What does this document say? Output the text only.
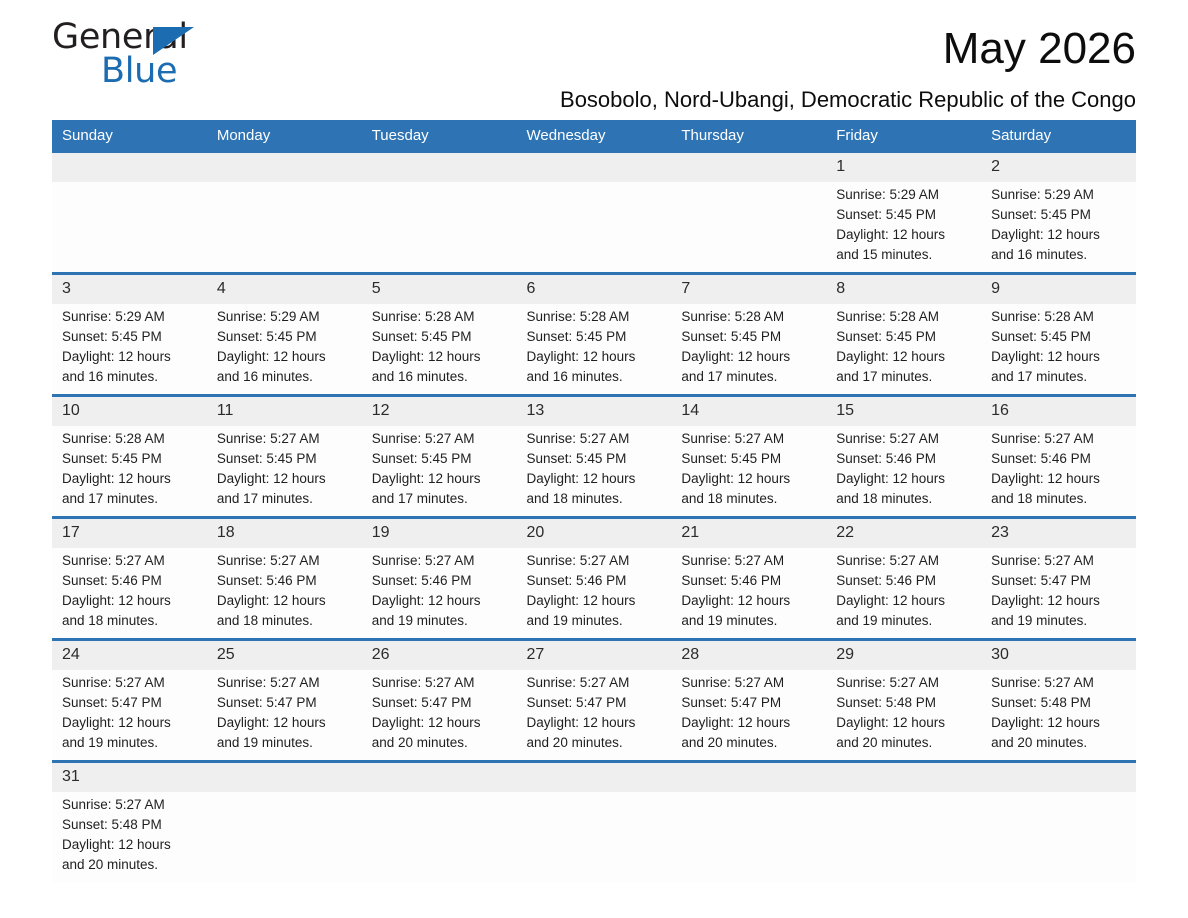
General
Blue	May 2026
Bosobolo, Nord-Ubangi, Democratic Republic of the Congo
Sunday	Monday	Tuesday	Wednesday	Thursday	Friday	Saturday
					1	2

					Sunrise: 5:29 AM
Sunset: 5:45 PM
Daylight: 12 hours
and 15 minutes.	Sunrise: 5:29 AM
Sunset: 5:45 PM
Daylight: 12 hours
and 16 minutes.

3	4	5	6	7	8	9

Sunrise: 5:29 AM
Sunset: 5:45 PM
Daylight: 12 hours
and 16 minutes.	Sunrise: 5:29 AM
Sunset: 5:45 PM
Daylight: 12 hours
and 16 minutes.	Sunrise: 5:28 AM
Sunset: 5:45 PM
Daylight: 12 hours
and 16 minutes.	Sunrise: 5:28 AM
Sunset: 5:45 PM
Daylight: 12 hours
and 16 minutes.	Sunrise: 5:28 AM
Sunset: 5:45 PM
Daylight: 12 hours
and 17 minutes.	Sunrise: 5:28 AM
Sunset: 5:45 PM
Daylight: 12 hours
and 17 minutes.	Sunrise: 5:28 AM
Sunset: 5:45 PM
Daylight: 12 hours
and 17 minutes.

10	11	12	13	14	15	16

Sunrise: 5:28 AM
Sunset: 5:45 PM
Daylight: 12 hours
and 17 minutes.	Sunrise: 5:27 AM
Sunset: 5:45 PM
Daylight: 12 hours
and 17 minutes.	Sunrise: 5:27 AM
Sunset: 5:45 PM
Daylight: 12 hours
and 17 minutes.	Sunrise: 5:27 AM
Sunset: 5:45 PM
Daylight: 12 hours
and 18 minutes.	Sunrise: 5:27 AM
Sunset: 5:45 PM
Daylight: 12 hours
and 18 minutes.	Sunrise: 5:27 AM
Sunset: 5:46 PM
Daylight: 12 hours
and 18 minutes.	Sunrise: 5:27 AM
Sunset: 5:46 PM
Daylight: 12 hours
and 18 minutes.

17	18	19	20	21	22	23

Sunrise: 5:27 AM
Sunset: 5:46 PM
Daylight: 12 hours
and 18 minutes.	Sunrise: 5:27 AM
Sunset: 5:46 PM
Daylight: 12 hours
and 18 minutes.	Sunrise: 5:27 AM
Sunset: 5:46 PM
Daylight: 12 hours
and 19 minutes.	Sunrise: 5:27 AM
Sunset: 5:46 PM
Daylight: 12 hours
and 19 minutes.	Sunrise: 5:27 AM
Sunset: 5:46 PM
Daylight: 12 hours
and 19 minutes.	Sunrise: 5:27 AM
Sunset: 5:46 PM
Daylight: 12 hours
and 19 minutes.	Sunrise: 5:27 AM
Sunset: 5:47 PM
Daylight: 12 hours
and 19 minutes.

24	25	26	27	28	29	30

Sunrise: 5:27 AM
Sunset: 5:47 PM
Daylight: 12 hours
and 19 minutes.	Sunrise: 5:27 AM
Sunset: 5:47 PM
Daylight: 12 hours
and 19 minutes.	Sunrise: 5:27 AM
Sunset: 5:47 PM
Daylight: 12 hours
and 20 minutes.	Sunrise: 5:27 AM
Sunset: 5:47 PM
Daylight: 12 hours
and 20 minutes.	Sunrise: 5:27 AM
Sunset: 5:47 PM
Daylight: 12 hours
and 20 minutes.	Sunrise: 5:27 AM
Sunset: 5:48 PM
Daylight: 12 hours
and 20 minutes.	Sunrise: 5:27 AM
Sunset: 5:48 PM
Daylight: 12 hours
and 20 minutes.

31						

Sunrise: 5:27 AM
Sunset: 5:48 PM
Daylight: 12 hours
and 20 minutes.						
